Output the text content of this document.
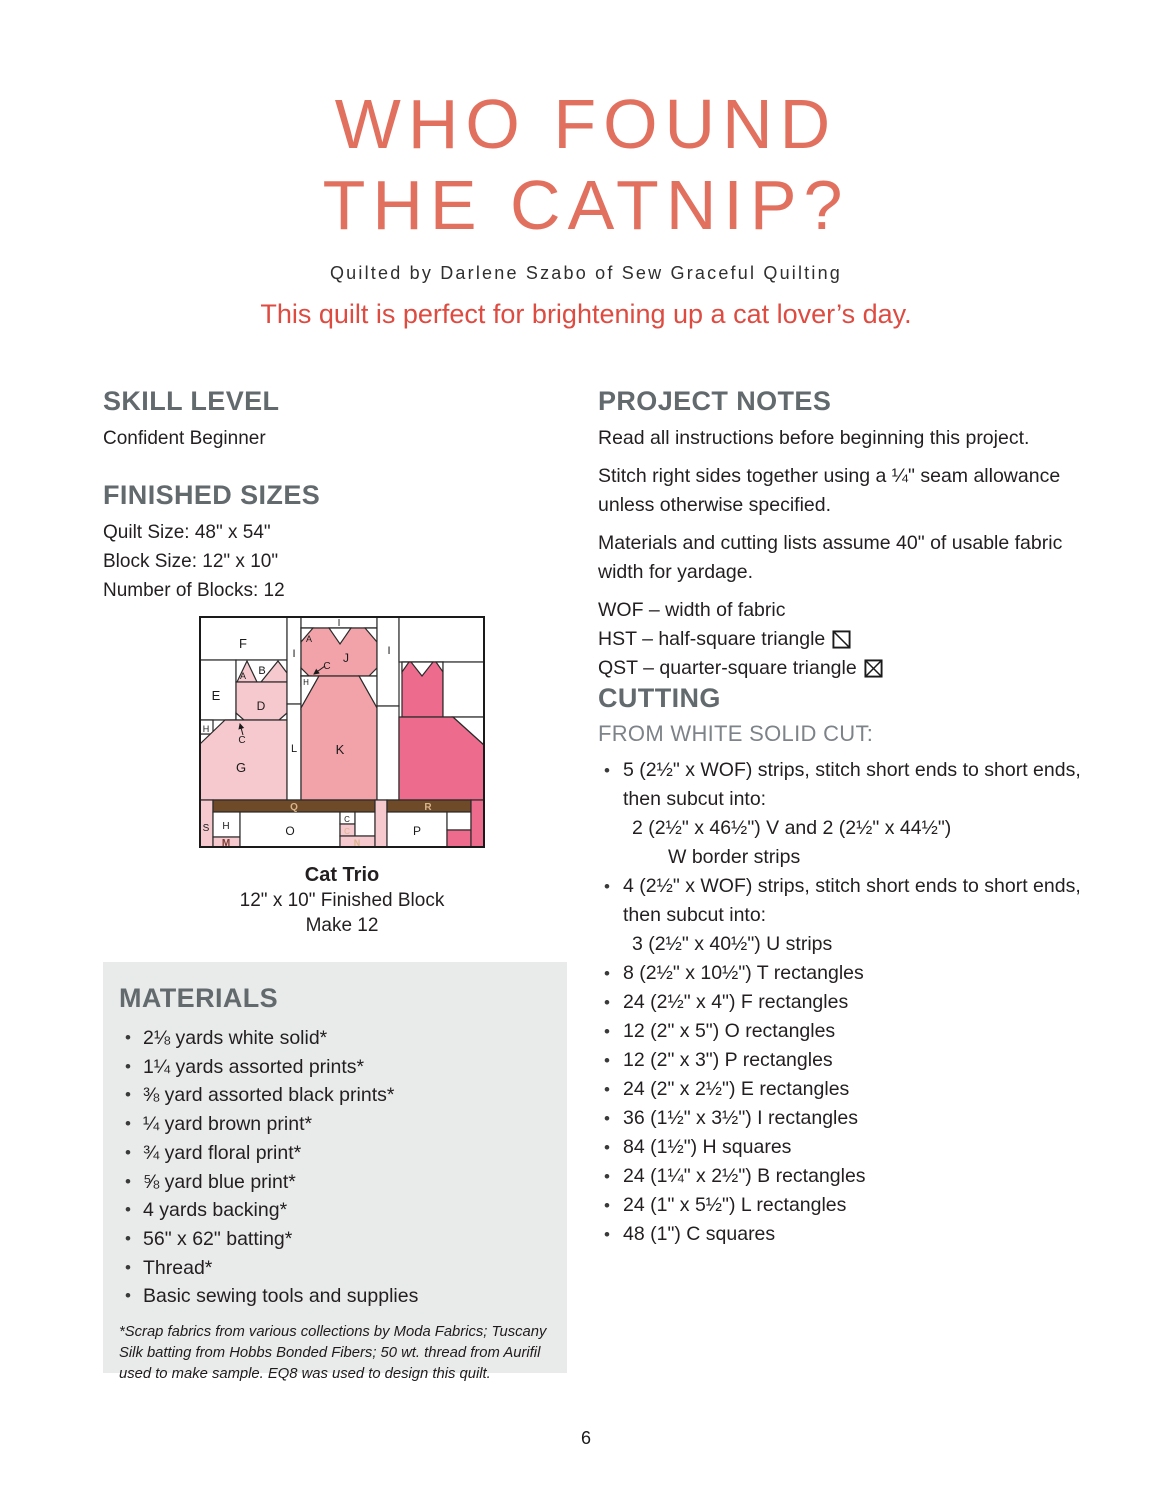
WHO FOUND
THE CATNIP?
Quilted by Darlene Szabo of Sew Graceful Quilting
This quilt is perfect for brightening up a cat lover’s day.
SKILL LEVEL

Confident Beginner

FINISHED SIZES
Quilt Size: 48" x 54"
Block Size: 12" x 10"
Number of Blocks: 12
F
E
A B
D
H
C
G
I
L
I
A
J
C
H
K
I
S
Q
H
M
O
C
C
N
R
P
Cat Trio
12" x 10" Finished Block
Make 12
MATERIALS
• 2⅛ yards white solid*
• 1¼ yards assorted prints*
• ⅜ yard assorted black prints*
• ¼ yard brown print*
• ¾ yard floral print*
• ⅝ yard blue print*
• 4 yards backing*
• 56" x 62" batting*
• Thread*
• Basic sewing tools and supplies

*Scrap fabrics from various collections by Moda Fabrics; Tuscany Silk batting from Hobbs Bonded Fibers; 50 wt. thread from Aurifil used to make sample. EQ8 was used to design this quilt.

PROJECT NOTES

Read all instructions before beginning this project.

Stitch right sides together using a ¼" seam allowance unless otherwise specified.

Materials and cutting lists assume 40" of usable fabric width for yardage.

WOF – width of fabric
HST – half-square triangle
QST – quarter-square triangle
CUTTING
FROM WHITE SOLID CUT:
• 5 (2½" x WOF) strips, stitch short ends to short ends, then subcut into:
2 (2½" x 46½") V and 2 (2½" x 44½")
W border strips
• 4 (2½" x WOF) strips, stitch short ends to short ends, then subcut into:
3 (2½" x 40½") U strips
• 8 (2½" x 10½") T rectangles
• 24 (2½" x 4") F rectangles
• 12 (2" x 5") O rectangles
• 12 (2" x 3") P rectangles
• 24 (2" x 2½") E rectangles
• 36 (1½" x 3½") I rectangles
• 84 (1½") H squares
• 24 (1¼" x 2½") B rectangles
• 24 (1" x 5½") L rectangles
• 48 (1") C squares
6
